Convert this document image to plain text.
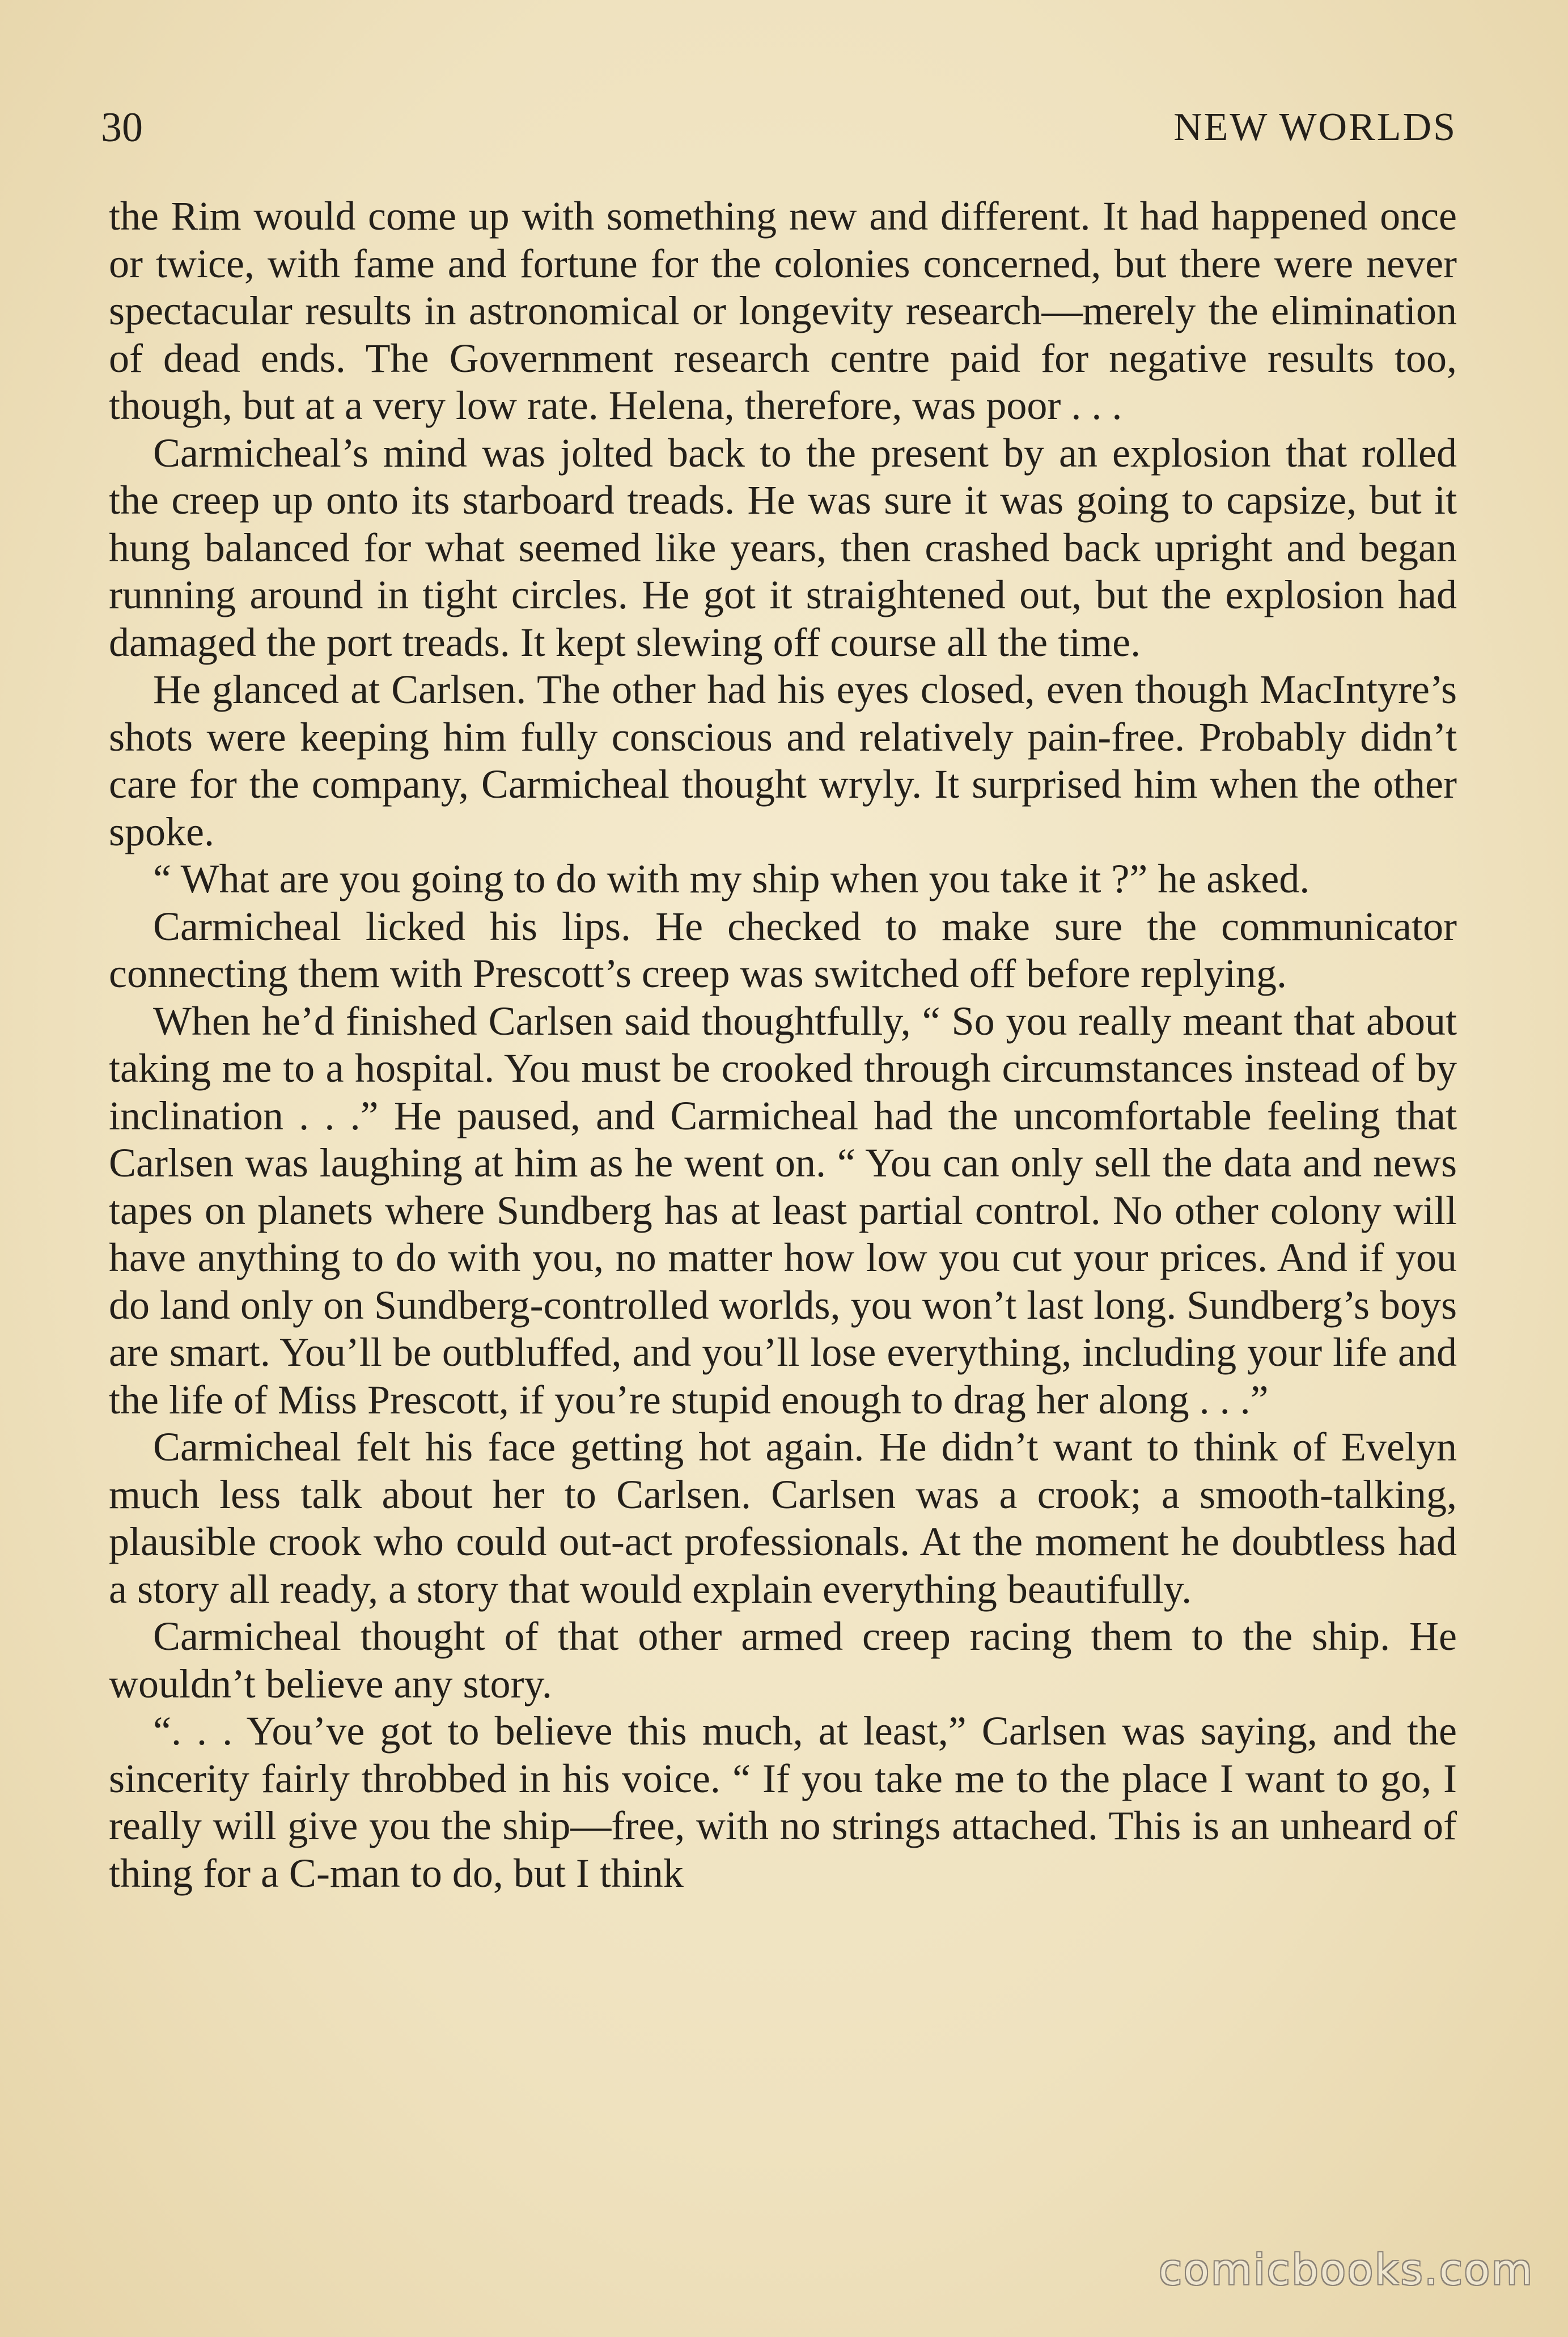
30	NEW WORLDS

the Rim would come up with something new and different. It had happened once or twice, with fame and fortune for the colonies concerned, but there were never spectacular results in astronomical or longevity research—merely the elimination of dead ends. The Government research centre paid for negative results too, though, but at a very low rate. Helena, therefore, was poor . . .

Carmicheal’s mind was jolted back to the present by an explosion that rolled the creep up onto its starboard treads. He was sure it was going to capsize, but it hung balanced for what seemed like years, then crashed back upright and began running around in tight circles. He got it straightened out, but the explosion had damaged the port treads. It kept slewing off course all the time.

He glanced at Carlsen. The other had his eyes closed, even though MacIntyre’s shots were keeping him fully conscious and relatively pain-free. Probably didn’t care for the company, Carmicheal thought wryly. It surprised him when the other spoke.

“ What are you going to do with my ship when you take it ?” he asked.

Carmicheal licked his lips. He checked to make sure the communicator connecting them with Prescott’s creep was switched off before replying.

When he’d finished Carlsen said thoughtfully, “ So you really meant that about taking me to a hospital. You must be crooked through circumstances instead of by inclination . . .” He paused, and Carmicheal had the uncomfortable feeling that Carlsen was laughing at him as he went on. “ You can only sell the data and news tapes on planets where Sundberg has at least partial control. No other colony will have anything to do with you, no matter how low you cut your prices. And if you do land only on Sundberg-controlled worlds, you won’t last long. Sundberg’s boys are smart. You’ll be outbluffed, and you’ll lose everything, including your life and the life of Miss Prescott, if you’re stupid enough to drag her along . . .”

Carmicheal felt his face getting hot again. He didn’t want to think of Evelyn much less talk about her to Carlsen. Carlsen was a crook; a smooth-talking, plausible crook who could out-act professionals. At the moment he doubtless had a story all ready, a story that would explain everything beautifully.

Carmicheal thought of that other armed creep racing them to the ship. He wouldn’t believe any story.

“. . . You’ve got to believe this much, at least,” Carlsen was saying, and the sincerity fairly throbbed in his voice. “ If you take me to the place I want to go, I really will give you the ship—free, with no strings attached. This is an unheard of thing for a C-man to do, but I think

comicbooks.com
